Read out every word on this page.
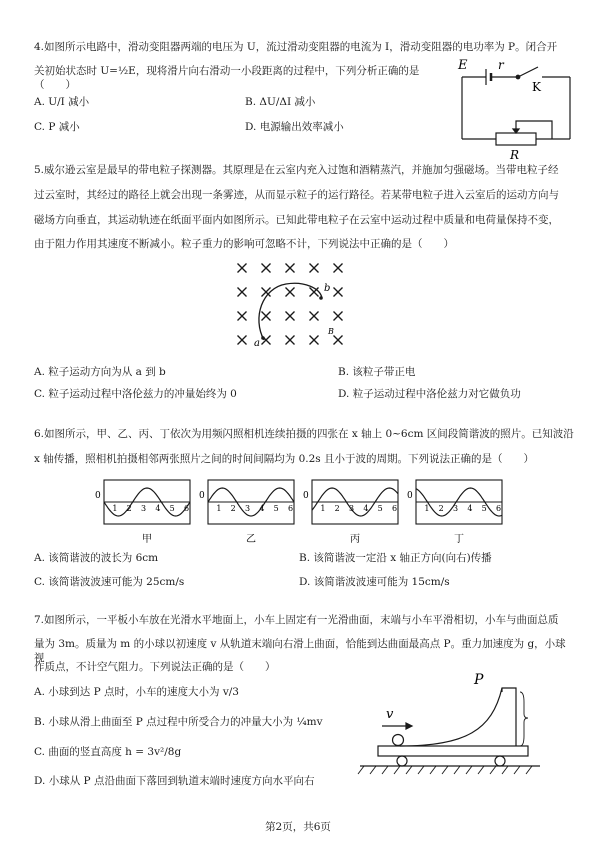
4.如图所示电路中，滑动变阻器两端的电压为 U，流过滑动变阻器的电流为 I，滑动变阻器的电功率为 P。闭合开
关初始状态时 U=½E，现将滑片向右滑动一小段距离的过程中，下列分析正确的是（　　）
A. U/I 减小	B. ΔU/ΔI 减小
C. P 减小	D. 电源输出效率减小
E	r
K
R
5.威尔逊云室是最早的带电粒子探测器。其原理是在云室内充入过饱和酒精蒸汽，并施加匀强磁场。当带电粒子经
过云室时，其经过的路径上就会出现一条雾迹，从而显示粒子的运行路径。若某带电粒子进入云室后的运动方向与
磁场方向垂直，其运动轨迹在纸面平面内如图所示。已知此带电粒子在云室中运动过程中质量和电荷量保持不变，
由于阻力作用其速度不断减小。粒子重力的影响可忽略不计，下列说法中正确的是（　　）
a
b
B
A. 粒子运动方向为从 a 到 b	B. 该粒子带正电
C. 粒子运动过程中洛伦兹力的冲量始终为 0	D. 粒子运动过程中洛伦兹力对它做负功
6.如图所示，甲、乙、丙、丁依次为用频闪照相机连续拍摄的四张在 x 轴上 0~6cm 区间段简谐波的照片。已知波沿
x 轴传播，照相机拍摄相邻两张照片之间的时间间隔均为 0.2s 且小于波的周期。下列说法正确的是（　　）
0
1 2 3 4 5 6
甲
0
1 2 3 4 5 6
乙
0
1 2 3 4 5 6
丙
0
1 2 3 4 5 6
丁
A. 该简谐波的波长为 6cm	B. 该简谐波一定沿 x 轴正方向(向右)传播
C. 该简谐波波速可能为 25cm/s	D. 该简谐波波速可能为 15cm/s
7.如图所示，一平板小车放在光滑水平地面上，小车上固定有一光滑曲面，末端与小车平滑相切，小车与曲面总质
量为 3m。质量为 m 的小球以初速度 v 从轨道末端向右滑上曲面，恰能到达曲面最高点 P。重力加速度为 g，小球视
作质点，不计空气阻力。下列说法正确的是（　　）
A. 小球到达 P 点时，小车的速度大小为 v/3
B. 小球从滑上曲面至 P 点过程中所受合力的冲量大小为 ¼mv
C. 曲面的竖直高度 h = 3v²/8g
D. 小球从 P 点沿曲面下落回到轨道末端时速度方向水平向右
P
v
第2页，共6页
